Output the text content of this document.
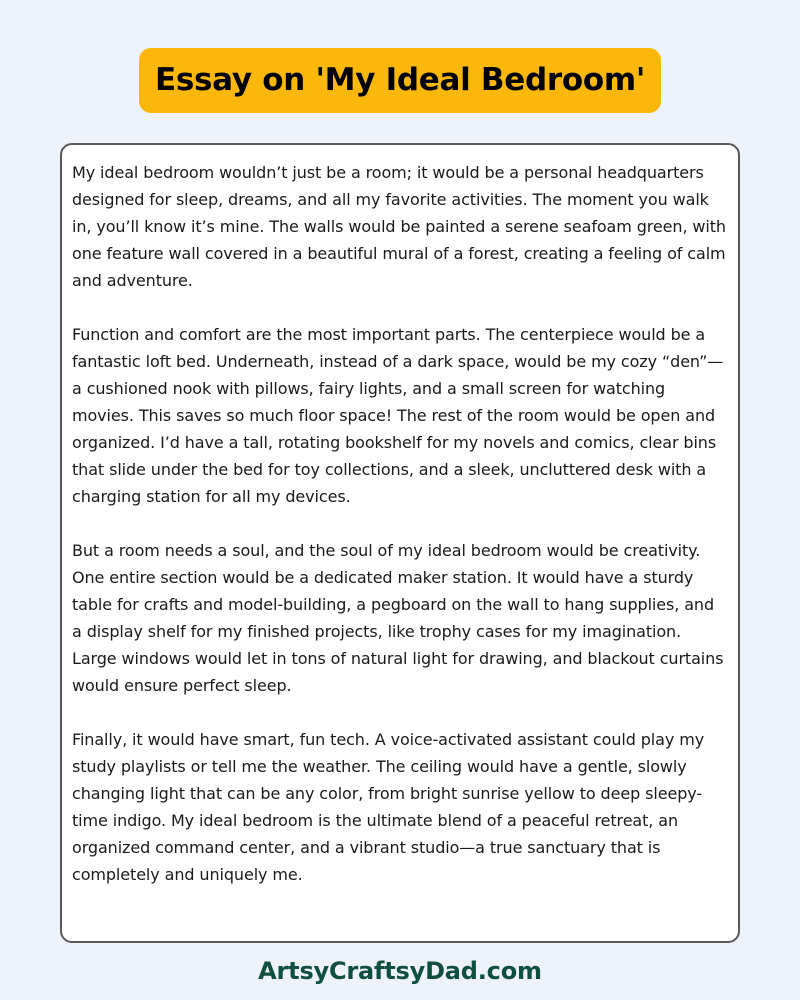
Essay on 'My Ideal Bedroom'

My ideal bedroom wouldn’t just be a room; it would be a personal headquarters designed for sleep, dreams, and all my favorite activities. The moment you walk in, you’ll know it’s mine. The walls would be painted a serene seafoam green, with one feature wall covered in a beautiful mural of a forest, creating a feeling of calm and adventure.

Function and comfort are the most important parts. The centerpiece would be a fantastic loft bed. Underneath, instead of a dark space, would be my cozy “den”—a cushioned nook with pillows, fairy lights, and a small screen for watching movies. This saves so much floor space! The rest of the room would be open and organized. I’d have a tall, rotating bookshelf for my novels and comics, clear bins that slide under the bed for toy collections, and a sleek, uncluttered desk with a charging station for all my devices.

But a room needs a soul, and the soul of my ideal bedroom would be creativity. One entire section would be a dedicated maker station. It would have a sturdy table for crafts and model-building, a pegboard on the wall to hang supplies, and a display shelf for my finished projects, like trophy cases for my imagination. Large windows would let in tons of natural light for drawing, and blackout curtains would ensure perfect sleep.

Finally, it would have smart, fun tech. A voice-activated assistant could play my study playlists or tell me the weather. The ceiling would have a gentle, slowly changing light that can be any color, from bright sunrise yellow to deep sleepy-time indigo. My ideal bedroom is the ultimate blend of a peaceful retreat, an organized command center, and a vibrant studio—a true sanctuary that is completely and uniquely me.

ArtsyCraftsyDad.com
